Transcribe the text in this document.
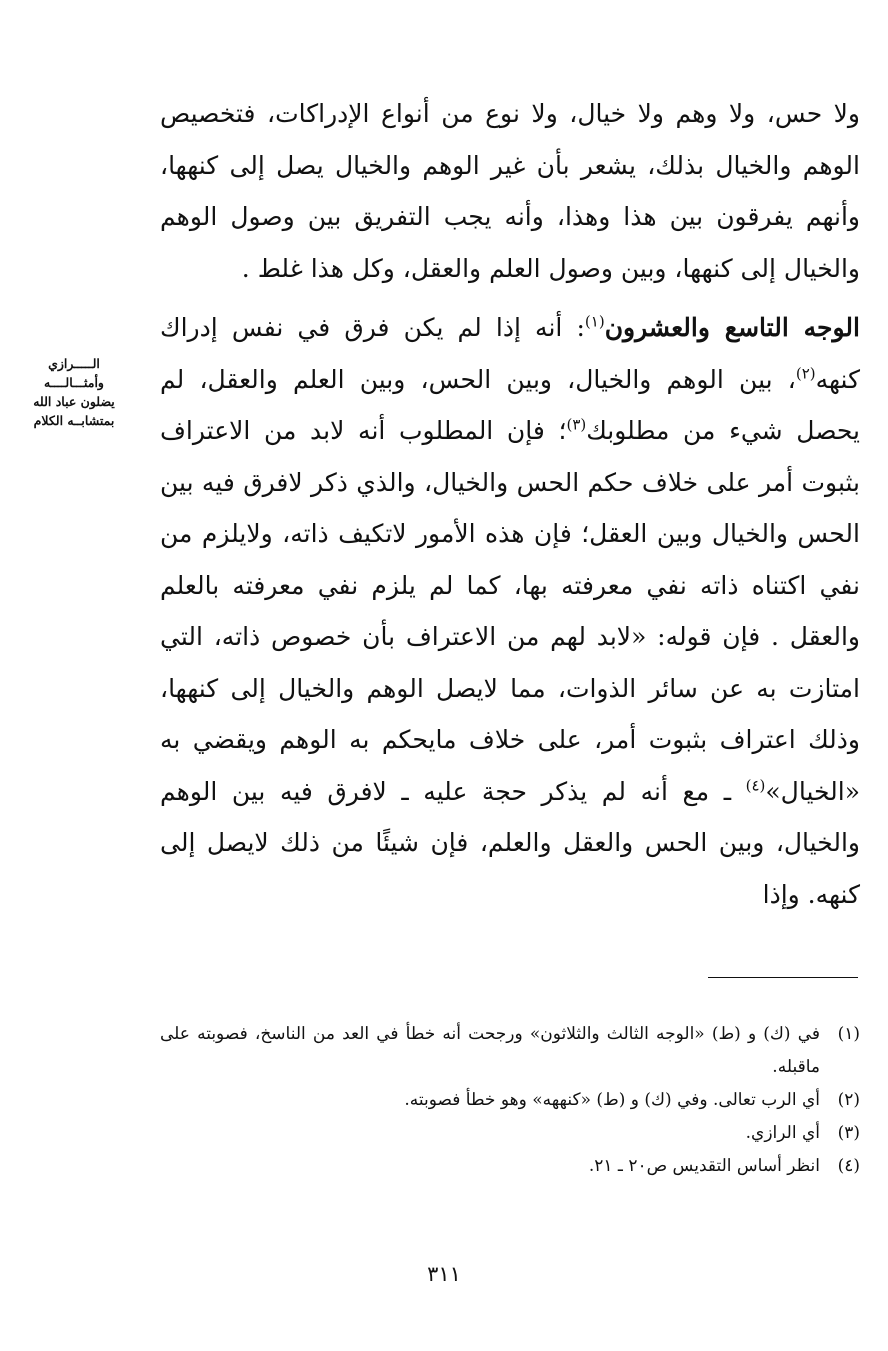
الـــــرازي وأمثـــالــــه يضلون عباد الله بمتشابــه الكلام

ولا حس، ولا وهم ولا خيال، ولا نوع من أنواع الإدراكات، فتخصيص الوهم والخيال بذلك، يشعر بأن غير الوهم والخيال يصل إلى كنهها، وأنهم يفرقون بين هذا وهذا، وأنه يجب التفريق بين وصول الوهم والخيال إلى كنهها، وبين وصول العلم والعقل، وكل هذا غلط .

الوجه التاسع والعشرون$^{(١)}$: أنه إذا لم يكن فرق في نفس إدراك كنهه$^{(٢)}$، بين الوهم والخيال، وبين الحس، وبين العلم والعقل، لم يحصل شيء من مطلوبك$^{(٣)}$؛ فإن المطلوب أنه لابد من الاعتراف بثبوت أمر على خلاف حكم الحس والخيال، والذي ذكر لافرق فيه بين الحس والخيال وبين العقل؛ فإن هذه الأمور لاتكيف ذاته، ولايلزم من نفي اكتناه ذاته نفي معرفته بها، كما لم يلزم نفي معرفته بالعلم والعقل . فإن قوله: «لابد لهم من الاعتراف بأن خصوص ذاته، التي امتازت به عن سائر الذوات، مما لايصل الوهم والخيال إلى كنهها، وذلك اعتراف بثبوت أمر، على خلاف مايحكم به الوهم ويقضي به «الخيال»$^{(٤)}$ ـ مع أنه لم يذكر حجة عليه ـ لافرق فيه بين الوهم والخيال، وبين الحس والعقل والعلم، فإن شيئًا من ذلك لايصل إلى كنهه. وإذا

(١)
في (ك) و (ط) «الوجه الثالث والثلاثون» ورجحت أنه خطأ في العد من الناسخ، فصوبته على ماقبله.
(٢)
أي الرب تعالى. وفي (ك) و (ط) «كنههه» وهو خطأ فصوبته.
(٣)
أي الرازي.
(٤)
انظر أساس التقديس ص٢٠ ـ ٢١.
٣١١
